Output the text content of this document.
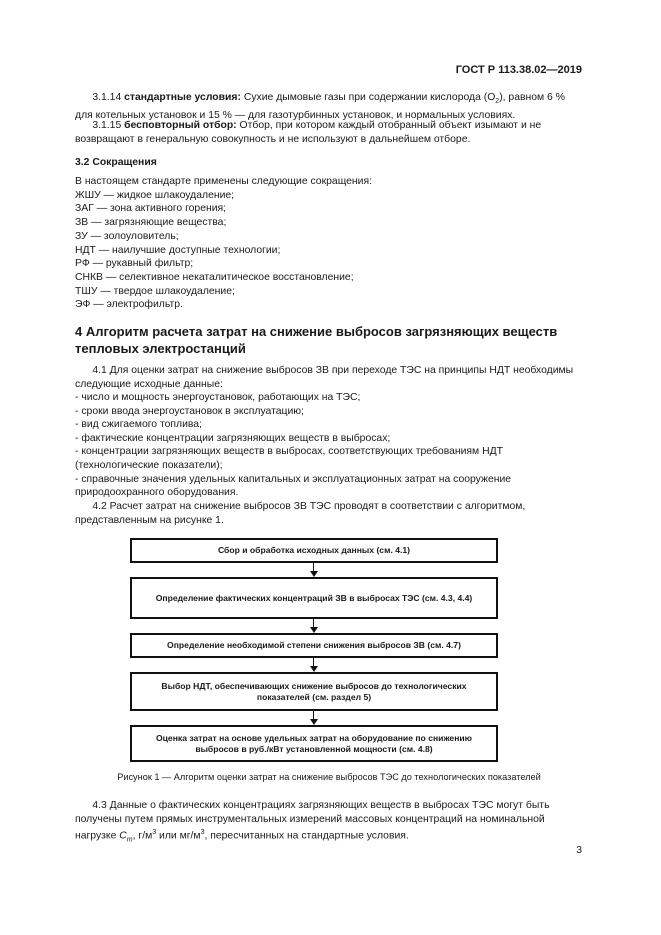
ГОСТ Р 113.38.02—2019

3.1.14 стандартные условия: Сухие дымовые газы при содержании кислорода $(O_2)$, равном 6 % для котельных установок и 15 % — для газотурбинных установок, и нормальных условиях.

3.1.15 бесповторный отбор: Отбор, при котором каждый отобранный объект изымают и не возвращают в генеральную совокупность и не используют в дальнейшем отборе.

3.2 Сокращения

В настоящем стандарте применены следующие сокращения:
ЖШУ — жидкое шлакоудаление;
ЗАГ — зона активного горения;
ЗВ — загрязняющие вещества;
ЗУ — золоуловитель;
НДТ — наилучшие доступные технологии;
РФ — рукавный фильтр;
СНКВ — селективное некаталитическое восстановление;
ТШУ — твердое шлакоудаление;
ЭФ — электрофильтр.

4 Алгоритм расчета затрат на снижение выбросов загрязняющих веществ тепловых электростанций

4.1 Для оценки затрат на снижение выбросов ЗВ при переходе ТЭС на принципы НДТ необходимы следующие исходные данные:

- число и мощность энергоустановок, работающих на ТЭС;
- сроки ввода энергоустановок в эксплуатацию;
- вид сжигаемого топлива;
- фактические концентрации загрязняющих веществ в выбросах;
- концентрации загрязняющих веществ в выбросах, соответствующих требованиям НДТ (технологические показатели);
- справочные значения удельных капитальных и эксплуатационных затрат на сооружение природоохранного оборудования.

4.2 Расчет затрат на снижение выбросов ЗВ ТЭС проводят в соответствии с алгоритмом, представленным на рисунке 1.

Сбор и обработка исходных данных (см. 4.1)
Определение фактических концентраций ЗВ в выбросах ТЭС (см. 4.3, 4.4)
Определение необходимой степени снижения выбросов ЗВ (см. 4.7)
Выбор НДТ, обеспечивающих снижение выбросов до технологических показателей (см. раздел 5)
Оценка затрат на основе удельных затрат на оборудование по снижению выбросов в руб./кВт установленной мощности (см. 4.8)
Рисунок 1 — Алгоритм оценки затрат на снижение выбросов ТЭС до технологических показателей

4.3 Данные о фактических концентрациях загрязняющих веществ в выбросах ТЭС могут быть получены путем прямых инструментальных измерений массовых концентраций на номинальной нагрузке $C_m$, $г/м^3$ или $мг/м^3$, пересчитанных на стандартные условия.

3
